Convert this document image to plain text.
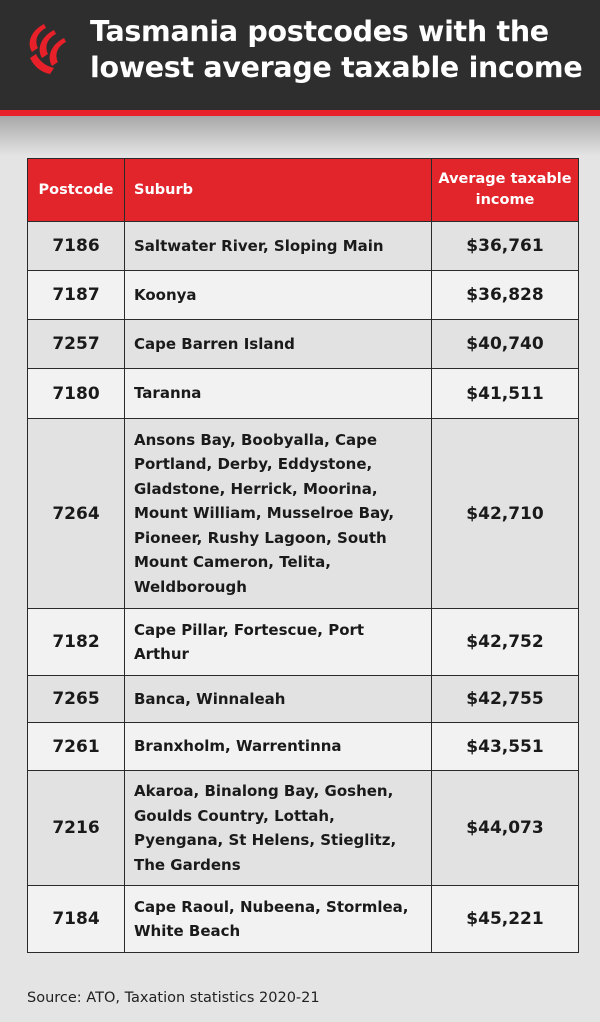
Tasmania postcodes with the
lowest average taxable income
Postcode	Suburb	Average taxable income
7186	Saltwater River, Sloping Main	$36,761
7187	Koonya	$36,828
7257	Cape Barren Island	$40,740
7180	Taranna	$41,511
7264	Ansons Bay, Boobyalla, Cape Portland, Derby, Eddystone, Gladstone, Herrick, Moorina, Mount William, Musselroe Bay, Pioneer, Rushy Lagoon, South Mount Cameron, Telita, Weldborough	$42,710
7182	Cape Pillar, Fortescue, Port Arthur	$42,752
7265	Banca, Winnaleah	$42,755
7261	Branxholm, Warrentinna	$43,551
7216	Akaroa, Binalong Bay, Goshen, Goulds Country, Lottah, Pyengana, St Helens, Stieglitz, The Gardens	$44,073
7184	Cape Raoul, Nubeena, Stormlea, White Beach	$45,221
Source: ATO, Taxation statistics 2020-21
